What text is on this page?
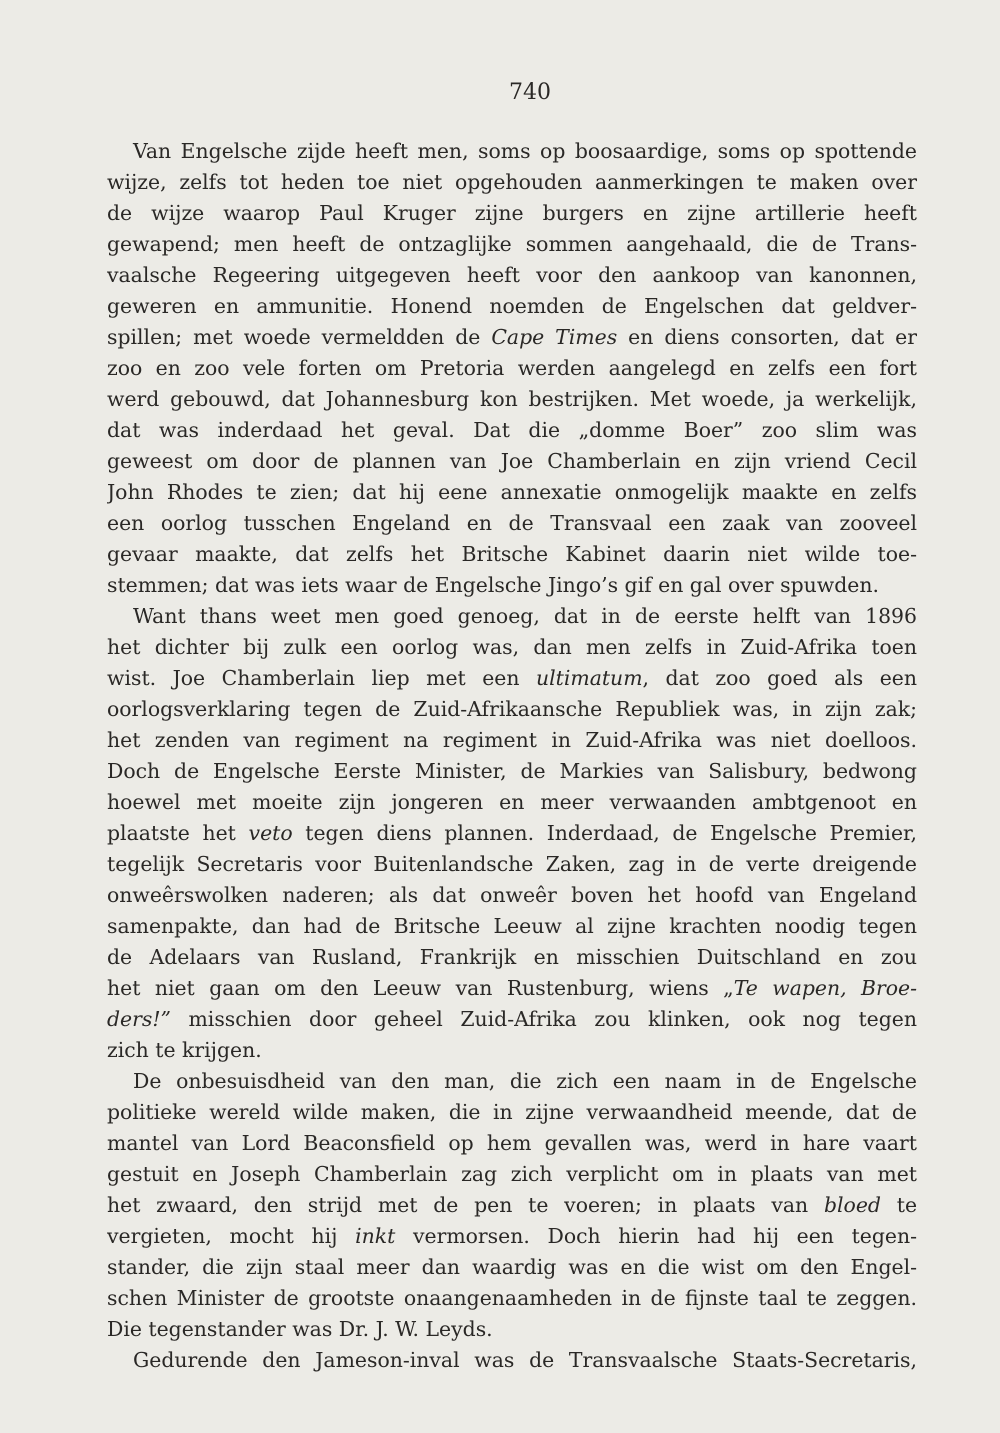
740
Van Engelsche zijde heeft men, soms op boosaardige, soms op spottende
wijze, zelfs tot heden toe niet opgehouden aanmerkingen te maken over
de wijze waarop Paul Kruger zijne burgers en zijne artillerie heeft
gewapend; men heeft de ontzaglijke sommen aangehaald, die de Trans-
vaalsche Regeering uitgegeven heeft voor den aankoop van kanonnen,
geweren en ammunitie. Honend noemden de Engelschen dat geldver-
spillen; met woede vermeldden de Cape Times en diens consorten, dat er
zoo en zoo vele forten om Pretoria werden aangelegd en zelfs een fort
werd gebouwd, dat Johannesburg kon bestrijken. Met woede, ja werkelijk,
dat was inderdaad het geval. Dat die „domme Boer” zoo slim was
geweest om door de plannen van Joe Chamberlain en zijn vriend Cecil
John Rhodes te zien; dat hij eene annexatie onmogelijk maakte en zelfs
een oorlog tusschen Engeland en de Transvaal een zaak van zooveel
gevaar maakte, dat zelfs het Britsche Kabinet daarin niet wilde toe-
stemmen; dat was iets waar de Engelsche Jingo’s gif en gal over spuwden.
Want thans weet men goed genoeg, dat in de eerste helft van 1896
het dichter bij zulk een oorlog was, dan men zelfs in Zuid-Afrika toen
wist. Joe Chamberlain liep met een ultimatum, dat zoo goed als een
oorlogsverklaring tegen de Zuid-Afrikaansche Republiek was, in zijn zak;
het zenden van regiment na regiment in Zuid-Afrika was niet doelloos.
Doch de Engelsche Eerste Minister, de Markies van Salisbury, bedwong
hoewel met moeite zijn jongeren en meer verwaanden ambtgenoot en
plaatste het veto tegen diens plannen. Inderdaad, de Engelsche Premier,
tegelijk Secretaris voor Buitenlandsche Zaken, zag in de verte dreigende
onweêrswolken naderen; als dat onweêr boven het hoofd van Engeland
samenpakte, dan had de Britsche Leeuw al zijne krachten noodig tegen
de Adelaars van Rusland, Frankrijk en misschien Duitschland en zou
het niet gaan om den Leeuw van Rustenburg, wiens „Te wapen, Broe-
ders!” misschien door geheel Zuid-Afrika zou klinken, ook nog tegen
zich te krijgen.
De onbesuisdheid van den man, die zich een naam in de Engelsche
politieke wereld wilde maken, die in zijne verwaandheid meende, dat de
mantel van Lord Beaconsfield op hem gevallen was, werd in hare vaart
gestuit en Joseph Chamberlain zag zich verplicht om in plaats van met
het zwaard, den strijd met de pen te voeren; in plaats van bloed te
vergieten, mocht hij inkt vermorsen. Doch hierin had hij een tegen-
stander, die zijn staal meer dan waardig was en die wist om den Engel-
schen Minister de grootste onaangenaamheden in de fijnste taal te zeggen.
Die tegenstander was Dr. J. W. Leyds.
Gedurende den Jameson-inval was de Transvaalsche Staats-Secretaris,
